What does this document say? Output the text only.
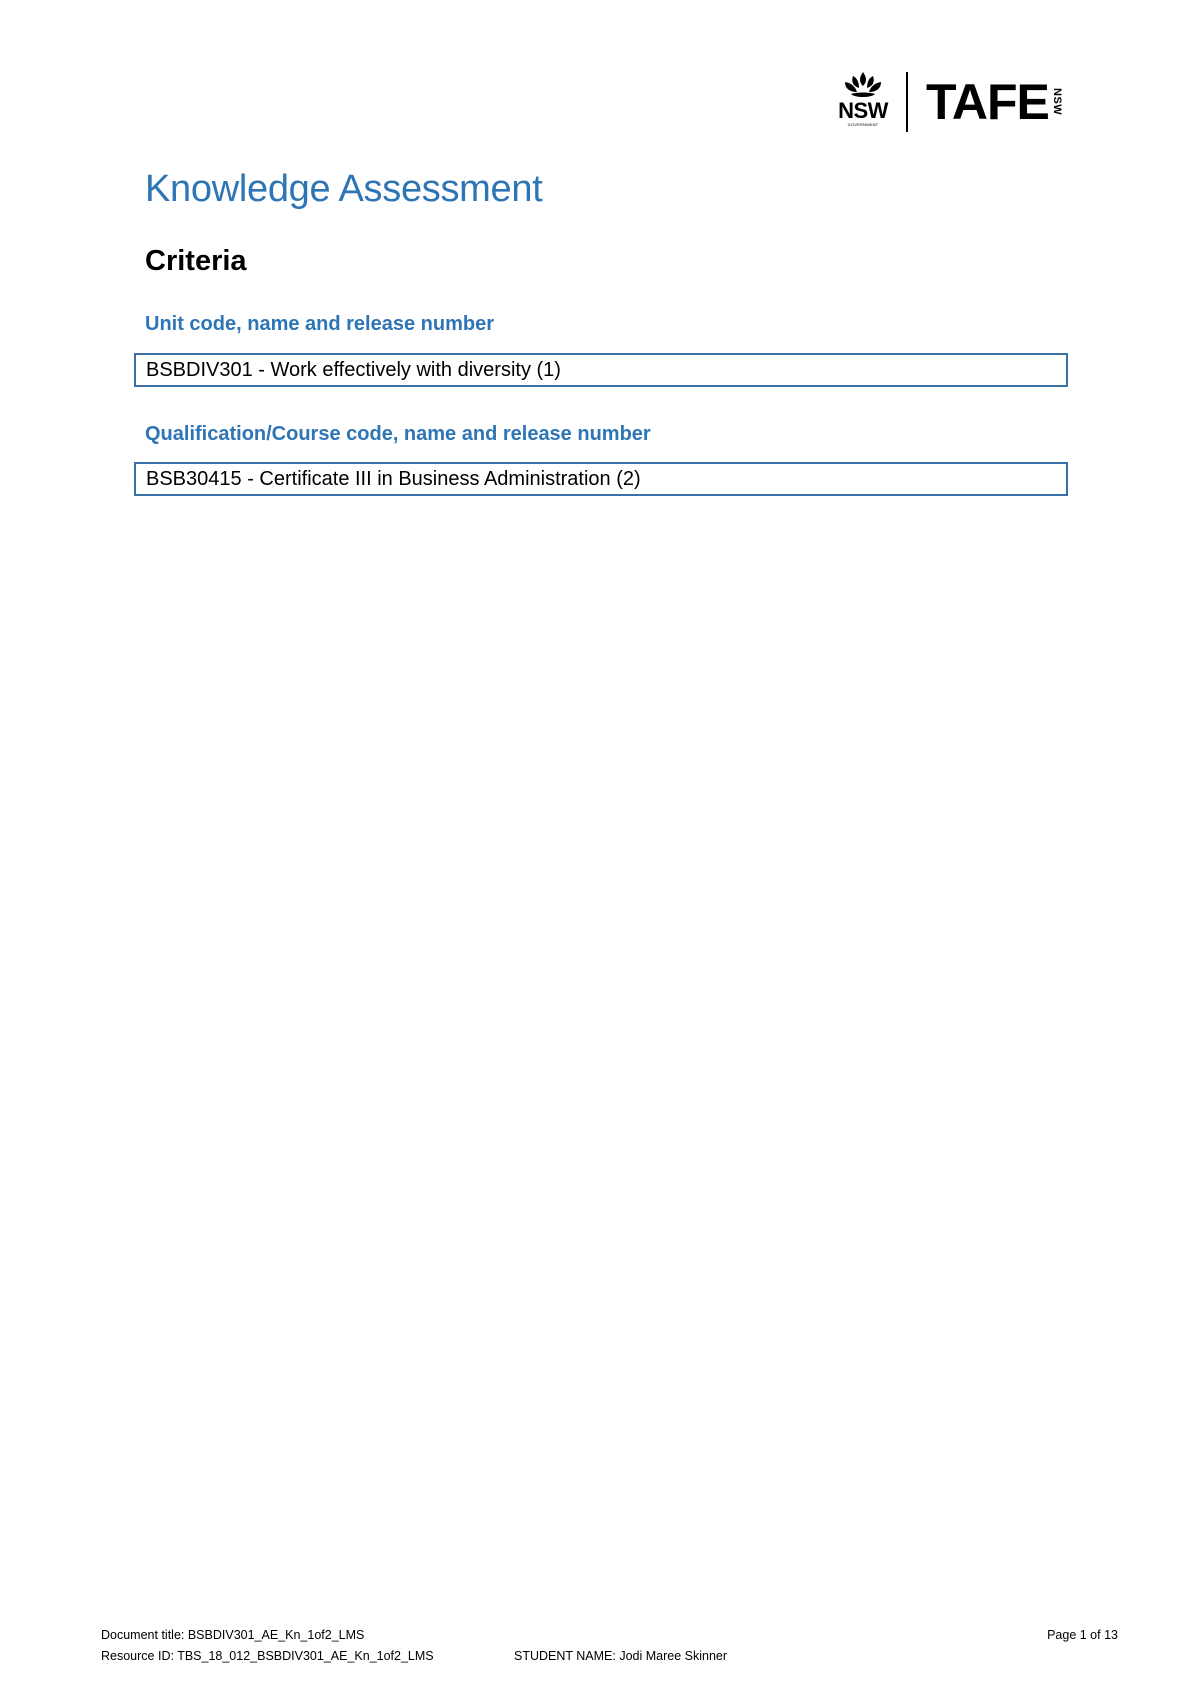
NSW
GOVERNMENT TAFE NSW
Knowledge Assessment
Criteria
Unit code, name and release number
BSBDIV301 - Work effectively with diversity (1)
Qualification/Course code, name and release number
BSB30415 - Certificate III in Business Administration (2)
Document title: BSBDIV301_AE_Kn_1of2_LMS
Resource ID: TBS_18_012_BSBDIV301_AE_Kn_1of2_LMS	STUDENT NAME: Jodi Maree Skinner
Page 1 of 13
